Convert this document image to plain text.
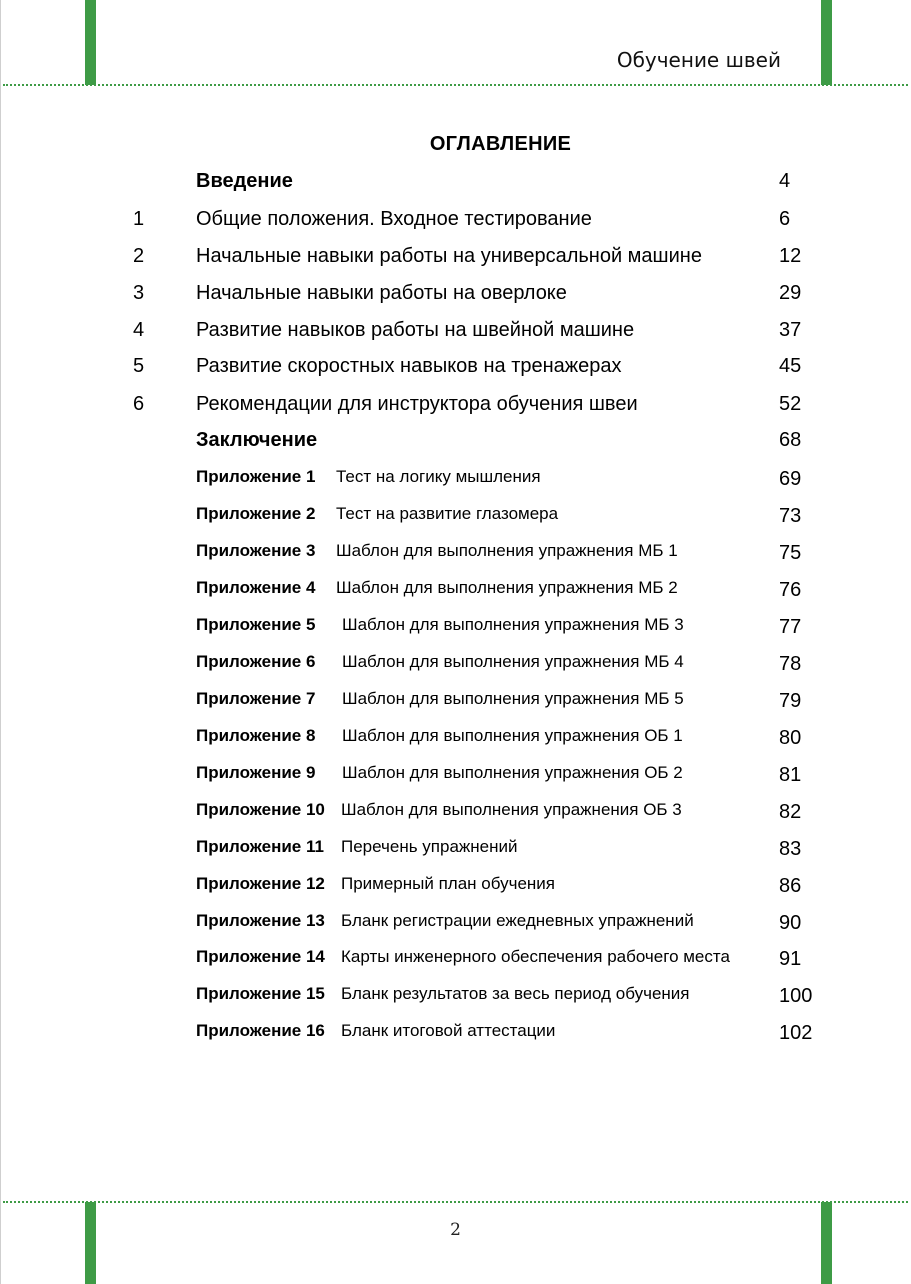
Обучение швей
ОГЛАВЛЕНИЕ
Введение	4
1	Общие положения. Входное тестирование	6
2	Начальные навыки работы на универсальной машине	12
3	Начальные навыки работы на оверлоке	29
4	Развитие навыков работы на швейной машине	37
5	Развитие скоростных навыков на тренажерах	45
6	Рекомендации для инструктора обучения швеи	52
Заключение	68
Приложение 1 Тест на логику мышления	69
Приложение 2 Тест на развитие глазомера	73
Приложение 3 Шаблон для выполнения упражнения МБ 1	75
Приложение 4 Шаблон для выполнения упражнения МБ 2	76
Приложение 5 Шаблон для выполнения упражнения МБ 3	77
Приложение 6 Шаблон для выполнения упражнения МБ 4	78
Приложение 7 Шаблон для выполнения упражнения МБ 5	79
Приложение 8 Шаблон для выполнения упражнения ОБ 1	80
Приложение 9 Шаблон для выполнения упражнения ОБ 2	81
Приложение 10 Шаблон для выполнения упражнения ОБ 3	82
Приложение 11 Перечень упражнений	83
Приложение 12 Примерный план обучения	86
Приложение 13 Бланк регистрации ежедневных упражнений	90
Приложение 14 Карты инженерного обеспечения рабочего места 91
Приложение 15 Бланк результатов за весь период обучения	100
Приложение 16 Бланк итоговой аттестации	102
2
